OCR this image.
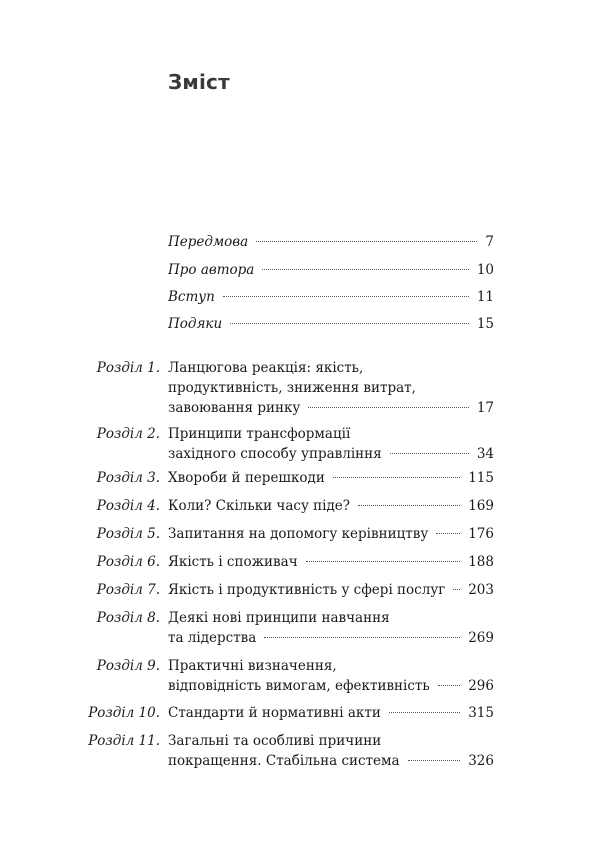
Зміст
Передмова	7
Про автора	10
Вступ	11
Подяки	15
Розділ 1. Ланцюгова реакція: якість,
продуктивність, зниження витрат,
завоювання ринку	17
Розділ 2. Принципи трансформації
західного способу управління	34
Розділ 3. Хвороби й перешкоди	115
Розділ 4. Коли? Скільки часу піде?	169
Розділ 5. Запитання на допомогу керівництву	176
Розділ 6. Якість і споживач	188
Розділ 7. Якість і продуктивність у сфері послуг 203
Розділ 8. Деякі нові принципи навчання
та лідерства	269
Розділ 9. Практичні визначення,
відповідність вимогам, ефективність	296
Розділ 10. Стандарти й нормативні акти	315
Розділ 11. Загальні та особливі причини
покращення. Стабільна система	326
